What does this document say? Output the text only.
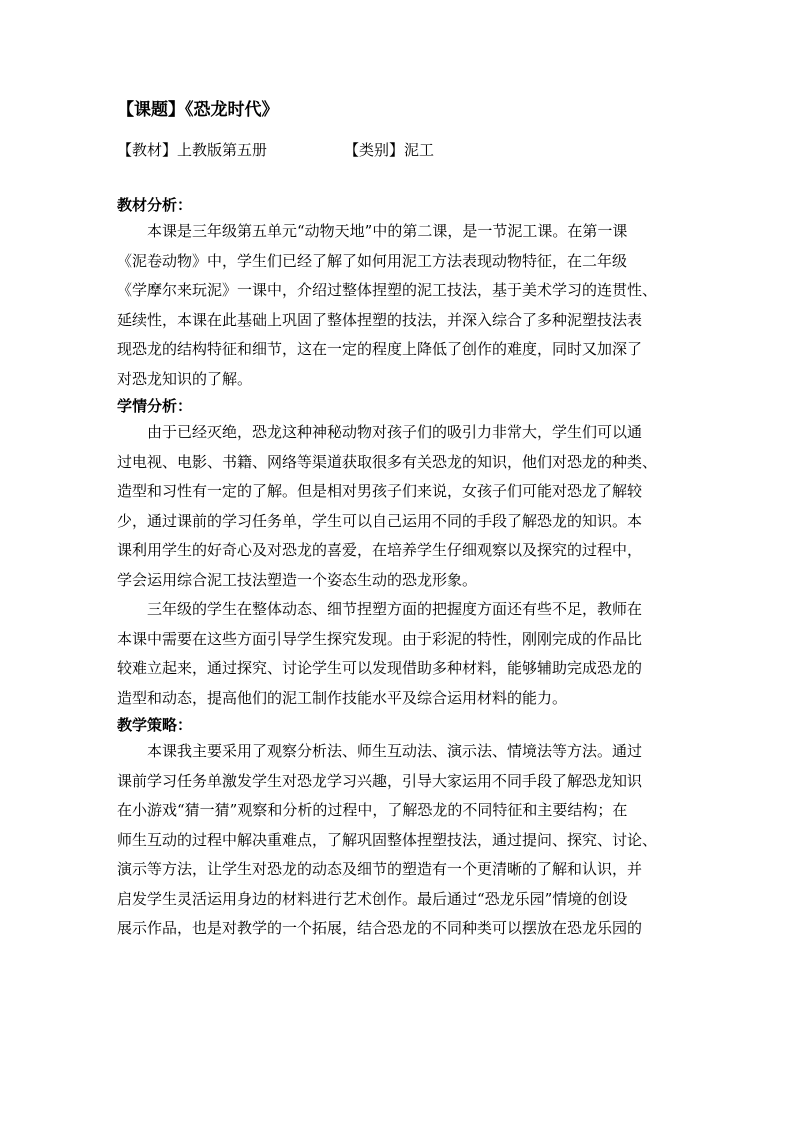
【课题】《恐龙时代》
【教材】上教版第五册	【类别】泥工
教材分析：

本课是三年级第五单元“动物天地”中的第二课，是一节泥工课。在第一课
《泥卷动物》中，学生们已经了解了如何用泥工方法表现动物特征，在二年级
《学摩尔来玩泥》一课中，介绍过整体捏塑的泥工技法，基于美术学习的连贯性、
延续性，本课在此基础上巩固了整体捏塑的技法，并深入综合了多种泥塑技法表
现恐龙的结构特征和细节，这在一定的程度上降低了创作的难度，同时又加深了
对恐龙知识的了解。

学情分析：

由于已经灭绝，恐龙这种神秘动物对孩子们的吸引力非常大，学生们可以通
过电视、电影、书籍、网络等渠道获取很多有关恐龙的知识，他们对恐龙的种类、
造型和习性有一定的了解。但是相对男孩子们来说，女孩子们可能对恐龙了解较
少，通过课前的学习任务单，学生可以自己运用不同的手段了解恐龙的知识。本
课利用学生的好奇心及对恐龙的喜爱，在培养学生仔细观察以及探究的过程中，
学会运用综合泥工技法塑造一个姿态生动的恐龙形象。

三年级的学生在整体动态、细节捏塑方面的把握度方面还有些不足，教师在
本课中需要在这些方面引导学生探究发现。由于彩泥的特性，刚刚完成的作品比
较难立起来，通过探究、讨论学生可以发现借助多种材料，能够辅助完成恐龙的
造型和动态，提高他们的泥工制作技能水平及综合运用材料的能力。

教学策略：

本课我主要采用了观察分析法、师生互动法、演示法、情境法等方法。通过
课前学习任务单激发学生对恐龙学习兴趣，引导大家运用不同手段了解恐龙知识
在小游戏“猜一猜”观察和分析的过程中，了解恐龙的不同特征和主要结构；在
师生互动的过程中解决重难点，了解巩固整体捏塑技法，通过提问、探究、讨论、
演示等方法，让学生对恐龙的动态及细节的塑造有一个更清晰的了解和认识，并
启发学生灵活运用身边的材料进行艺术创作。最后通过“恐龙乐园”情境的创设
展示作品，也是对教学的一个拓展，结合恐龙的不同种类可以摆放在恐龙乐园的
